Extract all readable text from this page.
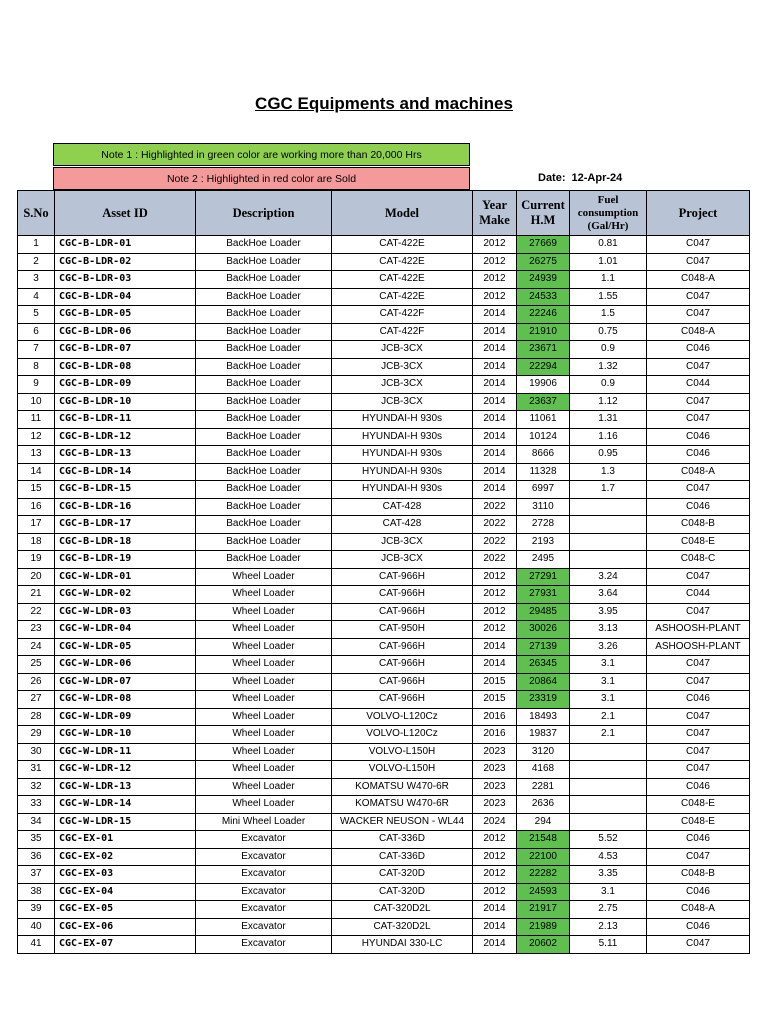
CGC Equipments and machines
Note 1 : Highlighted in green color are working more than 20,000 Hrs
Note 2 : Highlighted in red color are Sold	Date: 12-Apr-24
S.No	Asset ID	Description	Model	Year Make	Current H.M	Fuel consumption (Gal/Hr)	Project
1	CGC-B-LDR-01	BackHoe Loader	CAT-422E	2012	27669	0.81	C047
2	CGC-B-LDR-02	BackHoe Loader	CAT-422E	2012	26275	1.01	C047
3	CGC-B-LDR-03	BackHoe Loader	CAT-422E	2012	24939	1.1	C048-A
4	CGC-B-LDR-04	BackHoe Loader	CAT-422E	2012	24533	1.55	C047
5	CGC-B-LDR-05	BackHoe Loader	CAT-422F	2014	22246	1.5	C047
6	CGC-B-LDR-06	BackHoe Loader	CAT-422F	2014	21910	0.75	C048-A
7	CGC-B-LDR-07	BackHoe Loader	JCB-3CX	2014	23671	0.9	C046
8	CGC-B-LDR-08	BackHoe Loader	JCB-3CX	2014	22294	1.32	C047
9	CGC-B-LDR-09	BackHoe Loader	JCB-3CX	2014	19906	0.9	C044
10	CGC-B-LDR-10	BackHoe Loader	JCB-3CX	2014	23637	1.12	C047
11	CGC-B-LDR-11	BackHoe Loader	HYUNDAI-H 930s	2014	11061	1.31	C047
12	CGC-B-LDR-12	BackHoe Loader	HYUNDAI-H 930s	2014	10124	1.16	C046
13	CGC-B-LDR-13	BackHoe Loader	HYUNDAI-H 930s	2014	8666	0.95	C046
14	CGC-B-LDR-14	BackHoe Loader	HYUNDAI-H 930s	2014	11328	1.3	C048-A
15	CGC-B-LDR-15	BackHoe Loader	HYUNDAI-H 930s	2014	6997	1.7	C047
16	CGC-B-LDR-16	BackHoe Loader	CAT-428	2022	3110		C046
17	CGC-B-LDR-17	BackHoe Loader	CAT-428	2022	2728		C048-B
18	CGC-B-LDR-18	BackHoe Loader	JCB-3CX	2022	2193		C048-E
19	CGC-B-LDR-19	BackHoe Loader	JCB-3CX	2022	2495		C048-C
20	CGC-W-LDR-01	Wheel Loader	CAT-966H	2012	27291	3.24	C047
21	CGC-W-LDR-02	Wheel Loader	CAT-966H	2012	27931	3.64	C044
22	CGC-W-LDR-03	Wheel Loader	CAT-966H	2012	29485	3.95	C047
23	CGC-W-LDR-04	Wheel Loader	CAT-950H	2012	30026	3.13	ASHOOSH-PLANT
24	CGC-W-LDR-05	Wheel Loader	CAT-966H	2014	27139	3.26	ASHOOSH-PLANT
25	CGC-W-LDR-06	Wheel Loader	CAT-966H	2014	26345	3.1	C047
26	CGC-W-LDR-07	Wheel Loader	CAT-966H	2015	20864	3.1	C047
27	CGC-W-LDR-08	Wheel Loader	CAT-966H	2015	23319	3.1	C046
28	CGC-W-LDR-09	Wheel Loader	VOLVO-L120Cz	2016	18493	2.1	C047
29	CGC-W-LDR-10	Wheel Loader	VOLVO-L120Cz	2016	19837	2.1	C047
30	CGC-W-LDR-11	Wheel Loader	VOLVO-L150H	2023	3120		C047
31	CGC-W-LDR-12	Wheel Loader	VOLVO-L150H	2023	4168		C047
32	CGC-W-LDR-13	Wheel Loader	KOMATSU W470-6R	2023	2281		C046
33	CGC-W-LDR-14	Wheel Loader	KOMATSU W470-6R	2023	2636		C048-E
34	CGC-W-LDR-15	Mini Wheel Loader	WACKER NEUSON - WL44	2024	294		C048-E
35	CGC-EX-01	Excavator	CAT-336D	2012	21548	5.52	C046
36	CGC-EX-02	Excavator	CAT-336D	2012	22100	4.53	C047
37	CGC-EX-03	Excavator	CAT-320D	2012	22282	3.35	C048-B
38	CGC-EX-04	Excavator	CAT-320D	2012	24593	3.1	C046
39	CGC-EX-05	Excavator	CAT-320D2L	2014	21917	2.75	C048-A
40	CGC-EX-06	Excavator	CAT-320D2L	2014	21989	2.13	C046
41	CGC-EX-07	Excavator	HYUNDAI 330-LC	2014	20602	5.11	C047
